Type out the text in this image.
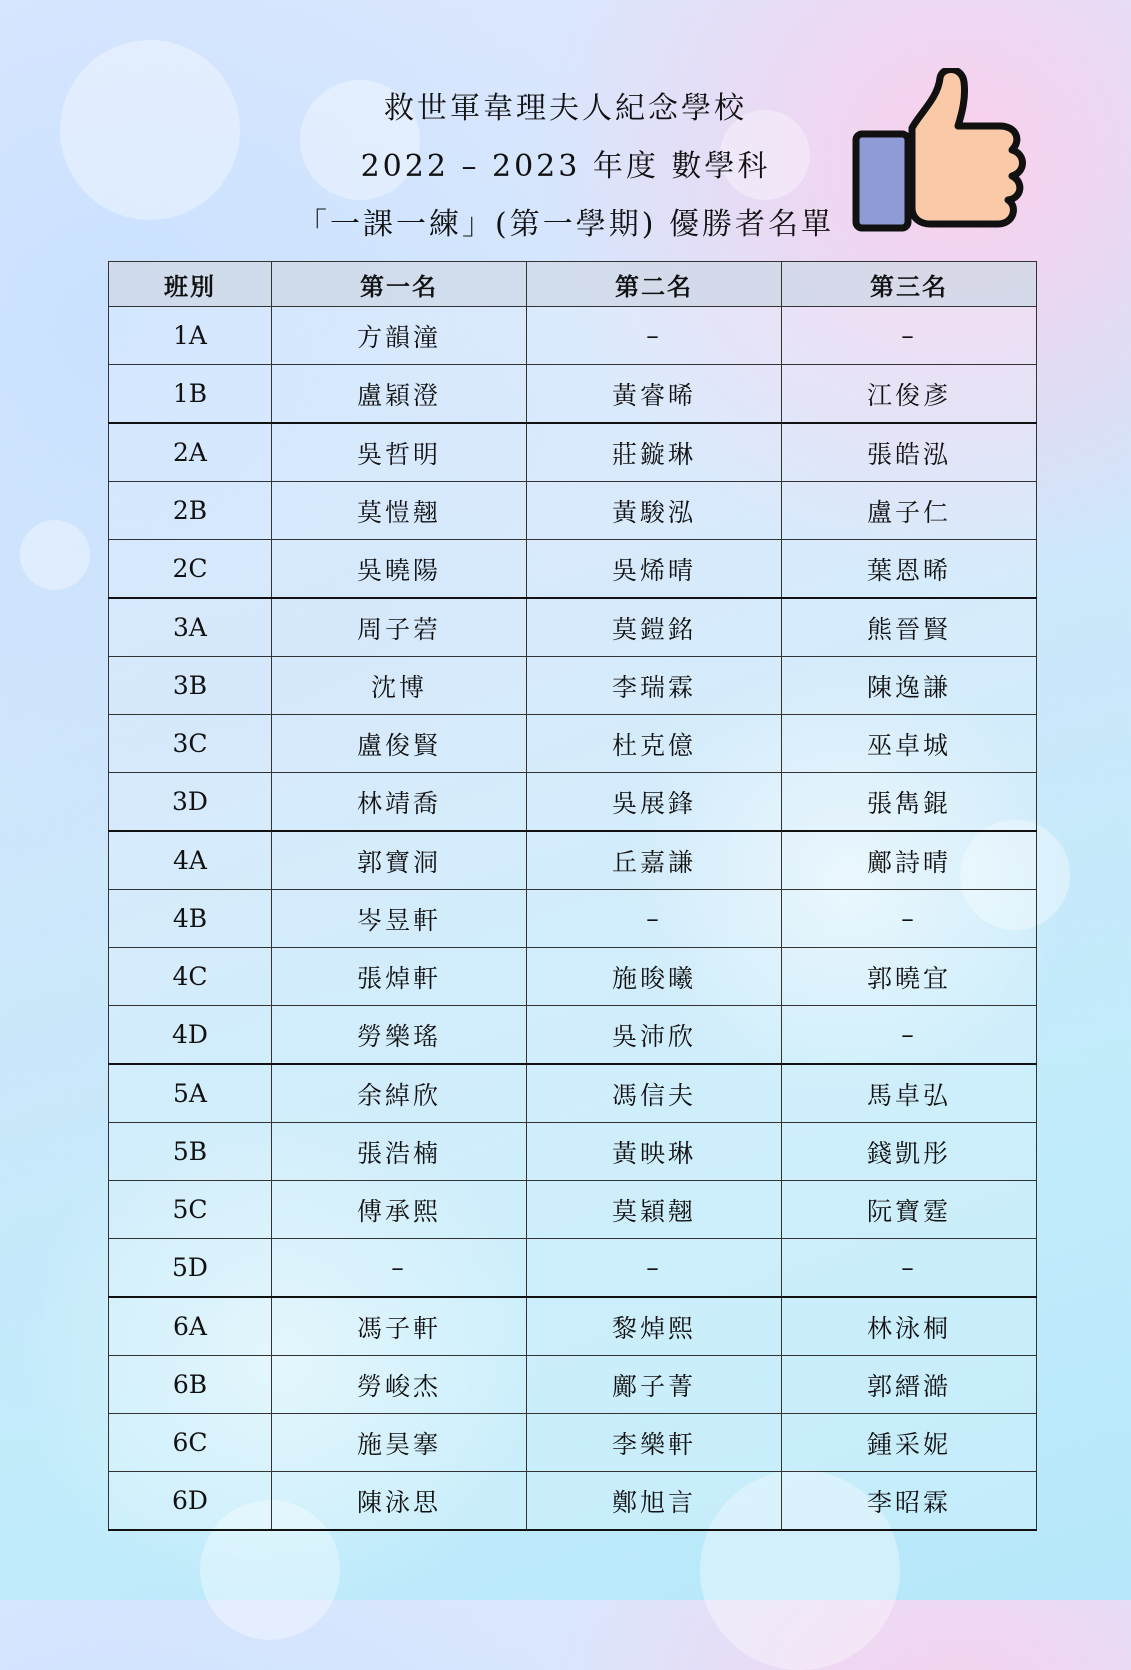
救世軍韋理夫人紀念學校
2022 – 2023 年度 數學科
「一課一練」(第一學期) 優勝者名單
班別	第一名	第二名	第三名
1A	方韻潼	–	–
1B	盧穎澄	黃睿晞	江俊彥
2A	吳哲明	莊鏇琳	張皓泓
2B	莫愷翹	黃駿泓	盧子仁
2C	吳曉陽	吳烯晴	葉恩晞
3A	周子菪	莫鎧銘	熊晉賢
3B	沈博	李瑞霖	陳逸謙
3C	盧俊賢	杜克億	巫卓城
3D	林靖喬	吳展鋒	張雋錕
4A	郭寶洞	丘嘉謙	鄺詩晴
4B	岑昱軒	–	–
4C	張焯軒	施晙曦	郭曉宜
4D	勞樂瑤	吳沛欣	–
5A	余綽欣	馮信夫	馬卓弘
5B	張浩楠	黃映琳	錢凱彤
5C	傅承熙	莫穎翹	阮寶霆
5D	–	–	–
6A	馮子軒	黎焯熙	林泳桐
6B	勞峻杰	鄺子菁	郭縉澔
6C	施昊搴	李樂軒	鍾采妮
6D	陳泳思	鄭旭言	李昭霖
